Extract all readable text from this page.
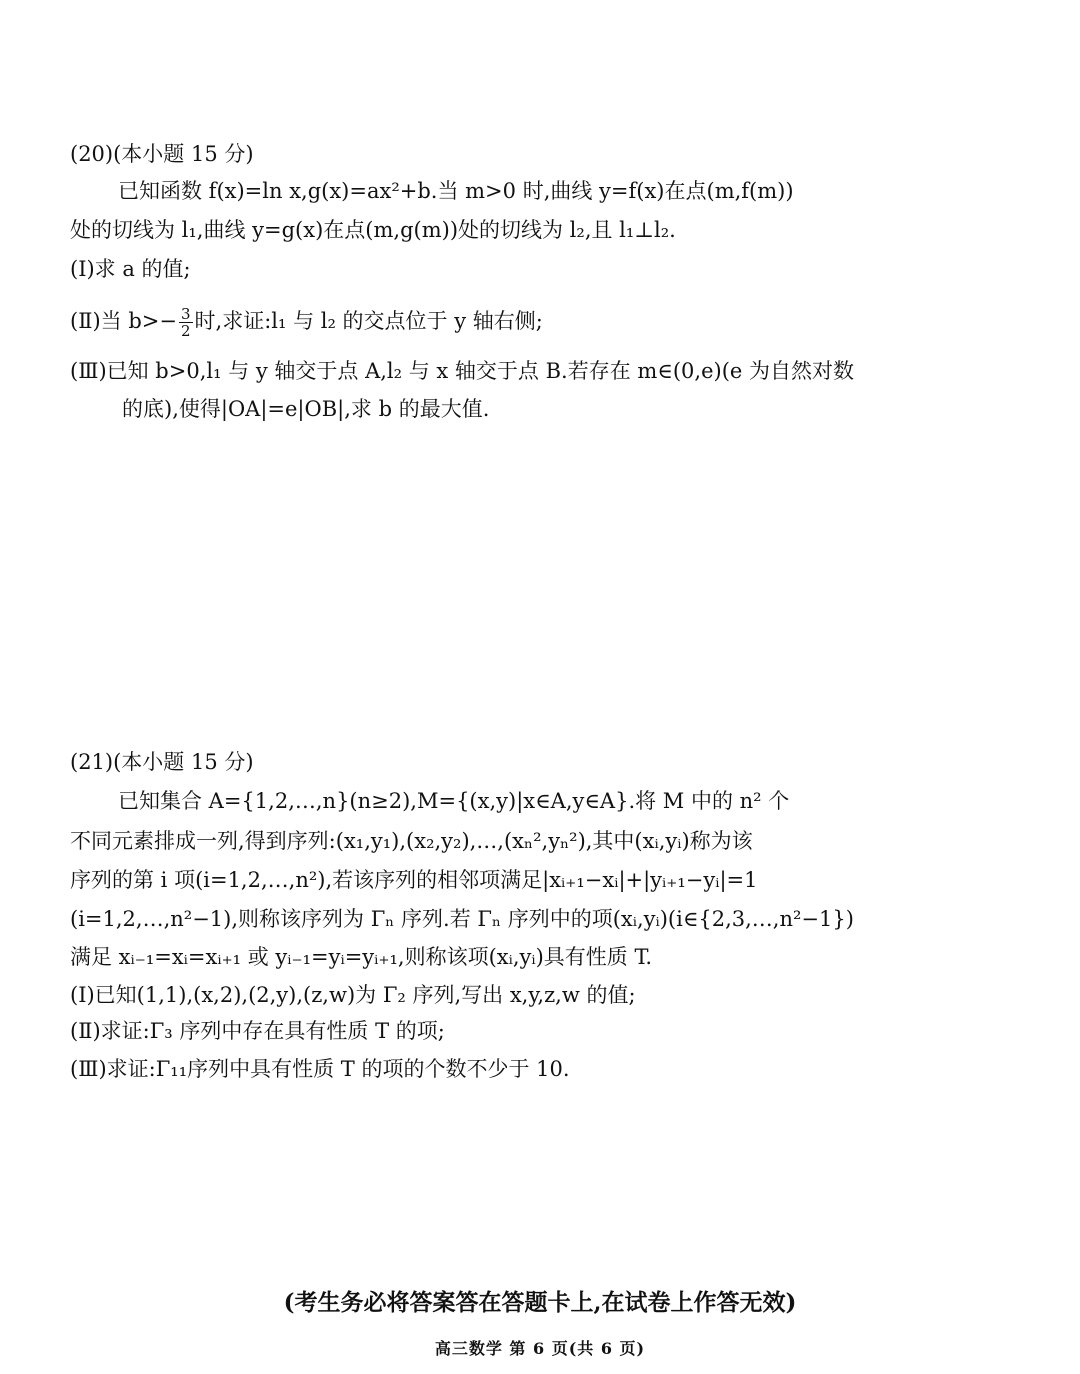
(20)(本小题 15 分)
已知函数 f(x)=ln x,g(x)=ax²+b.当 m>0 时,曲线 y=f(x)在点(m,f(m))
处的切线为 l₁,曲线 y=g(x)在点(m,g(m))处的切线为 l₂,且 l₁⊥l₂.
(Ⅰ)求 a 的值;
(Ⅱ)当 $b>- \frac{3}{2}$ 时,求证:l₁ 与 l₂ 的交点位于 y 轴右侧;
(Ⅲ)已知 b>0,l₁ 与 y 轴交于点 A,l₂ 与 x 轴交于点 B.若存在 m∈(0,e)(e 为自然对数
的底),使得|OA|=e|OB|,求 b 的最大值.
(21)(本小题 15 分)
已知集合 A={1,2,…,n}(n≥2),M={(x,y)|x∈A,y∈A}.将 M 中的 n² 个
不同元素排成一列,得到序列:(x₁,y₁),(x₂,y₂),…,(xₙ²,yₙ²),其中(xᵢ,yᵢ)称为该
序列的第 i 项(i=1,2,…,n²),若该序列的相邻项满足|xᵢ₊₁−xᵢ|+|yᵢ₊₁−yᵢ|=1
(i=1,2,…,n²−1),则称该序列为 Γₙ 序列.若 Γₙ 序列中的项(xᵢ,yᵢ)(i∈{2,3,…,n²−1})
满足 xᵢ₋₁=xᵢ=xᵢ₊₁ 或 yᵢ₋₁=yᵢ=yᵢ₊₁,则称该项(xᵢ,yᵢ)具有性质 T.
(Ⅰ)已知(1,1),(x,2),(2,y),(z,w)为 Γ₂ 序列,写出 x,y,z,w 的值;
(Ⅱ)求证:Γ₃ 序列中存在具有性质 T 的项;
(Ⅲ)求证:Γ₁₁序列中具有性质 T 的项的个数不少于 10.
(考生务必将答案答在答题卡上,在试卷上作答无效)
高三数学 第 6 页(共 6 页)
